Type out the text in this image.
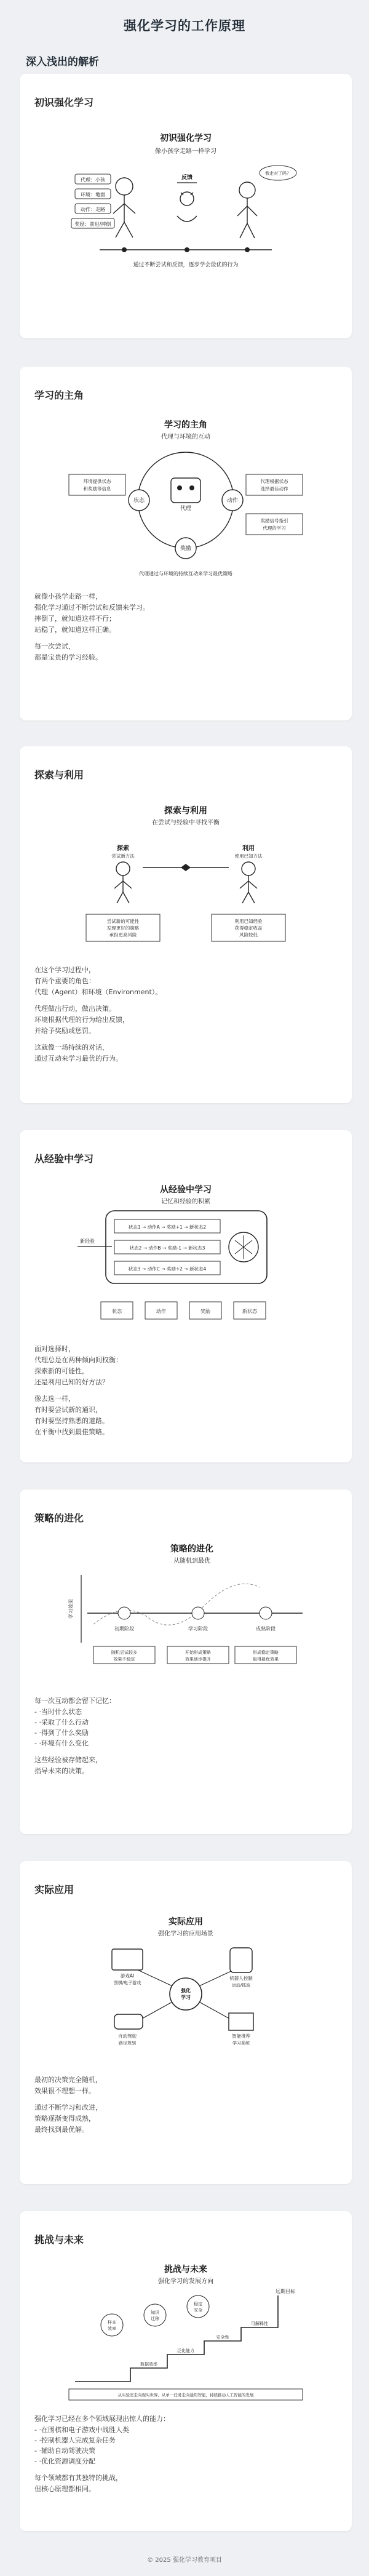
强化学习的工作原理
深入浅出的解析
初识强化学习
初识强化学习
像小孩学走路一样学习
代理：小孩
环境：地面
动作：走路
奖励：前进/摔倒
反馈
我走对了吗？
通过不断尝试和反馈，逐步学会最优的行为
学习的主角
学习的主角
代理与环境的互动
代理
状态	动作
奖励
环境提供状态
和奖励等信息
代理根据状态
选择最佳动作
奖励信号指引
代理的学习
代理通过与环境的持续互动来学习最优策略

就像小孩学走路一样，
强化学习通过不断尝试和反馈来学习。
摔倒了，就知道这样不行；
站稳了，就知道这样正确。

每一次尝试，
都是宝贵的学习经验。

探索与利用
探索与利用
在尝试与经验中寻找平衡
探索
尝试新方法
利用
使用已知方法
尝试新的可能性
发现更好的策略
承担更高风险
利用已知经验
获得稳定收益
风险较低

在这个学习过程中，
有两个重要的角色：
代理（Agent）和环境（Environment）。

代理做出行动，做出决策。
环境根据代理的行为给出反馈，
并给予奖励或惩罚。

这就像一场持续的对话，
通过互动来学习最优的行为。

从经验中学习
从经验中学习
记忆和经验的积累
新经验
状态1 → 动作A → 奖励+1 → 新状态2
状态2 → 动作B → 奖励-1 → 新状态3
状态3 → 动作C → 奖励+2 → 新状态4
状态	动作	奖励	新状态

面对选择时，
代理总是在两种倾向间权衡：
探索新的可能性，
还是利用已知的好方法？

像去选一样，
有时要尝试新的通识，
有时要坚持熟悉的道路。
在平衡中找到最佳策略。

策略的进化
策略的进化
从随机到最优
学习效果
初期阶段	学习阶段	成熟阶段
随机尝试较多
效果不稳定
开始形成策略
效果逐步提升
形成稳定策略
取得最优效果

每一次互动都会留下记忆：

- ·当时什么状态
- ·采取了什么行动
- ·得到了什么奖励
- ·环境有什么变化

这些经验被存储起来，
指导未来的决策。

实际应用
实际应用
强化学习的应用场景
强化
学习
游戏AI
围棋/电子游戏
机器人控制
运动/抓取
自动驾驶
路径规划
智能推荐
学习系统

最初的决策完全随机，
效果很不理想一样。

通过不断学习和改进，
策略逐渐变得成熟，
最终找到最优解。

挑战与未来
挑战与未来
强化学习的发展方向
远期目标
数据效率
泛化能力
安全性
可解释性
样本
效率
知识
迁移
稳定
安全
从实验室走向现实世界，从单一任务走向通用智能，持续推动人工智能的发展

强化学习已经在多个领域展现出惊人的能力：

- ·在围棋和电子游戏中战胜人类
- ·控制机器人完成复杂任务
- ·辅助自动驾驶决策
- ·优化资源调度分配

每个领域都有其独特的挑战，
但核心原理都相同。

© 2025 强化学习教育项目
